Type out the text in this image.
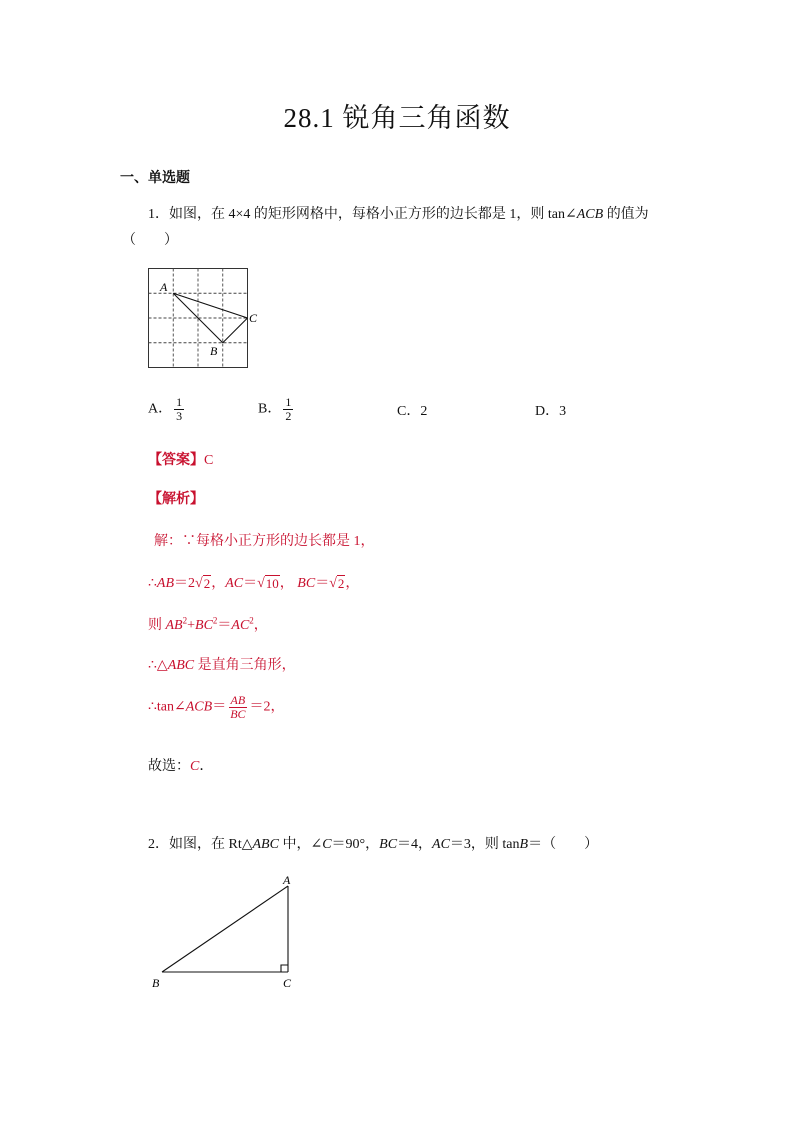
28.1 锐角三角函数
一、单选题
1．如图，在 4×4 的矩形网格中，每格小正方形的边长都是 1，则 tan∠ACB 的值为
（　　）
A
C
B
A． $\frac{1}{3}$	B． $\frac{1}{2}$	C．2	D．3
【答案】C
【解析】
解：∵每格小正方形的边长都是 1，
∴AB＝2 √ 2 ，AC＝ √ 10 ， BC＝ √ 2 ，
则 $AB^2+BC^2=AC^2$，
∴△ABC 是直角三角形，
∴tan∠ACB＝ $\frac{AB}{BC} =2$，
故选：C．
2．如图，在 Rt△ABC 中，∠C＝90°，BC＝4，AC＝3，则 tanB＝（　　）
A
B	C
